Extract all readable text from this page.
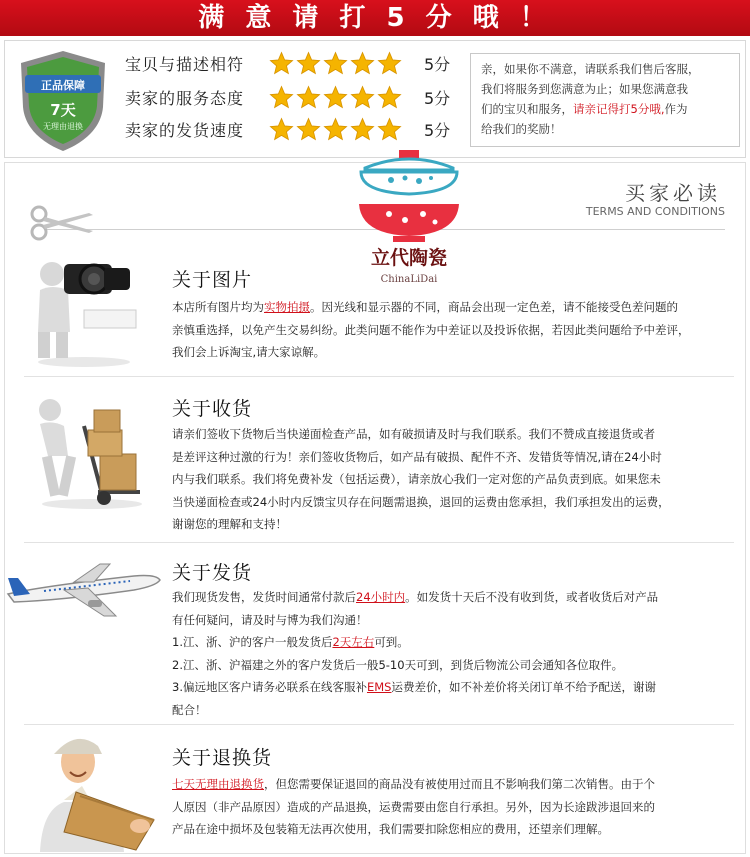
满 意 请 打 5 分 哦 ！
正品保障
7天
无理由退换
宝贝与描述相符	5分
卖家的服务态度	5分
卖家的发货速度	5分
亲，如果你不满意，请联系我们售后客服，
我们将服务到您满意为止；如果您满意我
们的宝贝和服务，请亲记得打5分哦,作为
给我们的奖励！
买家必读
TERMS AND CONDITIONS
立代陶瓷
ChinaLiDai
关于图片

本店所有图片均为实物拍摄。因光线和显示器的不同，商品会出现一定色差，请不能接受色差问题的

亲慎重选择，以免产生交易纠纷。此类问题不能作为中差证以及投诉依据，若因此类问题给予中差评，

我们会上诉淘宝,请大家谅解。

关于收货

请亲们签收下货物后当快递面检查产品，如有破损请及时与我们联系。我们不赞成直接退货或者

是差评这种过激的行为！亲们签收货物后，如产品有破损、配件不齐、发错货等情况,请在24小时

内与我们联系。我们将免费补发（包括运费），请亲放心我们一定对您的产品负责到底。如果您未

当快递面检查或24小时内反馈宝贝存在问题需退换，退回的运费由您承担，我们承担发出的运费，

谢谢您的理解和支持！

关于发货

我们现货发售，发货时间通常付款后24小时内。如发货十天后不没有收到货，或者收货后对产品

有任何疑问，请及时与博为我们沟通！

1.江、浙、沪的客户一般发货后2天左右可到。

2.江、浙、沪福建之外的客户发货后一般5-10天可到，到货后物流公司会通知各位取件。

3.偏远地区客户请务必联系在线客服补EMS运费差价，如不补差价将关闭订单不给予配送，谢谢

配合！

关于退换货

七天无理由退换货，但您需要保证退回的商品没有被使用过而且不影响我们第二次销售。由于个

人原因（非产品原因）造成的产品退换，运费需要由您自行承担。另外，因为长途跋涉退回来的

产品在途中损坏及包装箱无法再次使用，我们需要扣除您相应的费用，还望亲们理解。
